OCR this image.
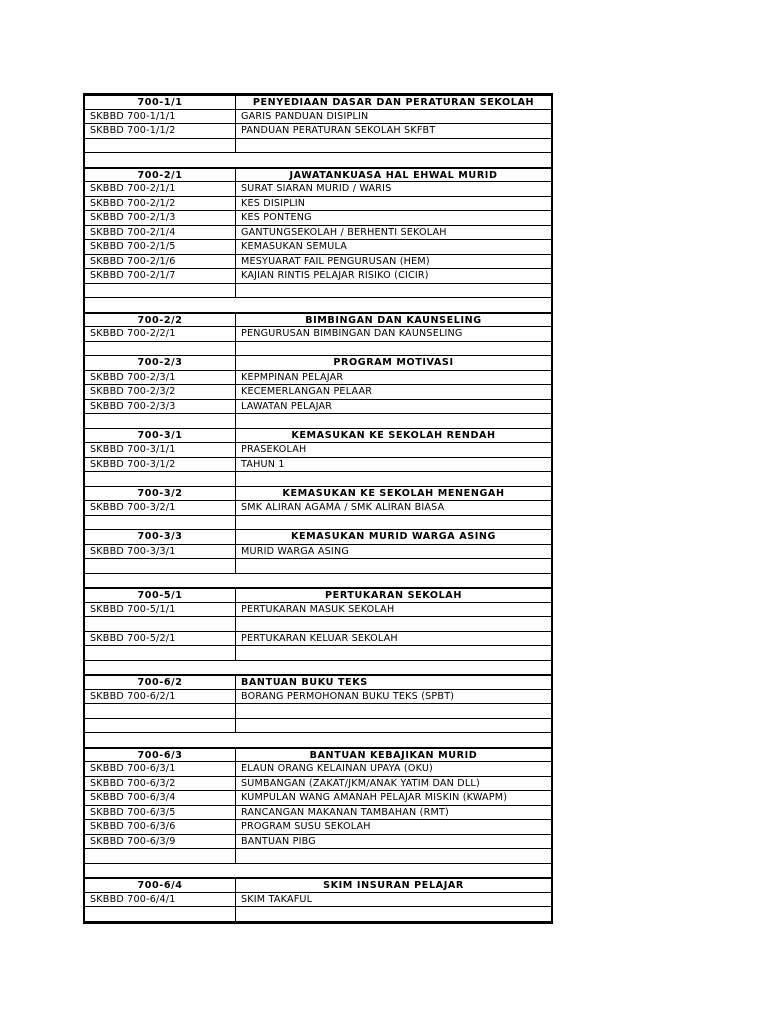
700-1/1	PENYEDIAAN DASAR DAN PERATURAN SEKOLAH
SKBBD 700-1/1/1	GARIS PANDUAN DISIPLIN
SKBBD 700-1/1/2	PANDUAN PERATURAN SEKOLAH SKFBT
700-2/1	JAWATANKUASA HAL EHWAL MURID
SKBBD 700-2/1/1	SURAT SIARAN MURID / WARIS
SKBBD 700-2/1/2	KES DISIPLIN
SKBBD 700-2/1/3	KES PONTENG
SKBBD 700-2/1/4	GANTUNGSEKOLAH / BERHENTI SEKOLAH
SKBBD 700-2/1/5	KEMASUKAN SEMULA
SKBBD 700-2/1/6	MESYUARAT FAIL PENGURUSAN (HEM)
SKBBD 700-2/1/7	KAJIAN RINTIS PELAJAR RISIKO (CICIR)
700-2/2	BIMBINGAN DAN KAUNSELING
SKBBD 700-2/2/1	PENGURUSAN BIMBINGAN DAN KAUNSELING
700-2/3	PROGRAM MOTIVASI
SKBBD 700-2/3/1	KEPMPINAN PELAJAR
SKBBD 700-2/3/2	KECEMERLANGAN PELAAR
SKBBD 700-2/3/3	LAWATAN PELAJAR
700-3/1	KEMASUKAN KE SEKOLAH RENDAH
SKBBD 700-3/1/1	PRASEKOLAH
SKBBD 700-3/1/2	TAHUN 1
700-3/2	KEMASUKAN KE SEKOLAH MENENGAH
SKBBD 700-3/2/1	SMK ALIRAN AGAMA / SMK ALIRAN BIASA
700-3/3	KEMASUKAN MURID WARGA ASING
SKBBD 700-3/3/1	MURID WARGA ASING
700-5/1	PERTUKARAN SEKOLAH
SKBBD 700-5/1/1	PERTUKARAN MASUK SEKOLAH
SKBBD 700-5/2/1	PERTUKARAN KELUAR SEKOLAH
700-6/2	BANTUAN BUKU TEKS
SKBBD 700-6/2/1	BORANG PERMOHONAN BUKU TEKS (SPBT)
700-6/3	BANTUAN KEBAJIKAN MURID
SKBBD 700-6/3/1	ELAUN ORANG KELAINAN UPAYA (OKU)
SKBBD 700-6/3/2	SUMBANGAN (ZAKAT/JKM/ANAK YATIM DAN DLL)
SKBBD 700-6/3/4	KUMPULAN WANG AMANAH PELAJAR MISKIN (KWAPM)
SKBBD 700-6/3/5	RANCANGAN MAKANAN TAMBAHAN (RMT)
SKBBD 700-6/3/6	PROGRAM SUSU SEKOLAH
SKBBD 700-6/3/9	BANTUAN PIBG
700-6/4	SKIM INSURAN PELAJAR
SKBBD 700-6/4/1	SKIM TAKAFUL
